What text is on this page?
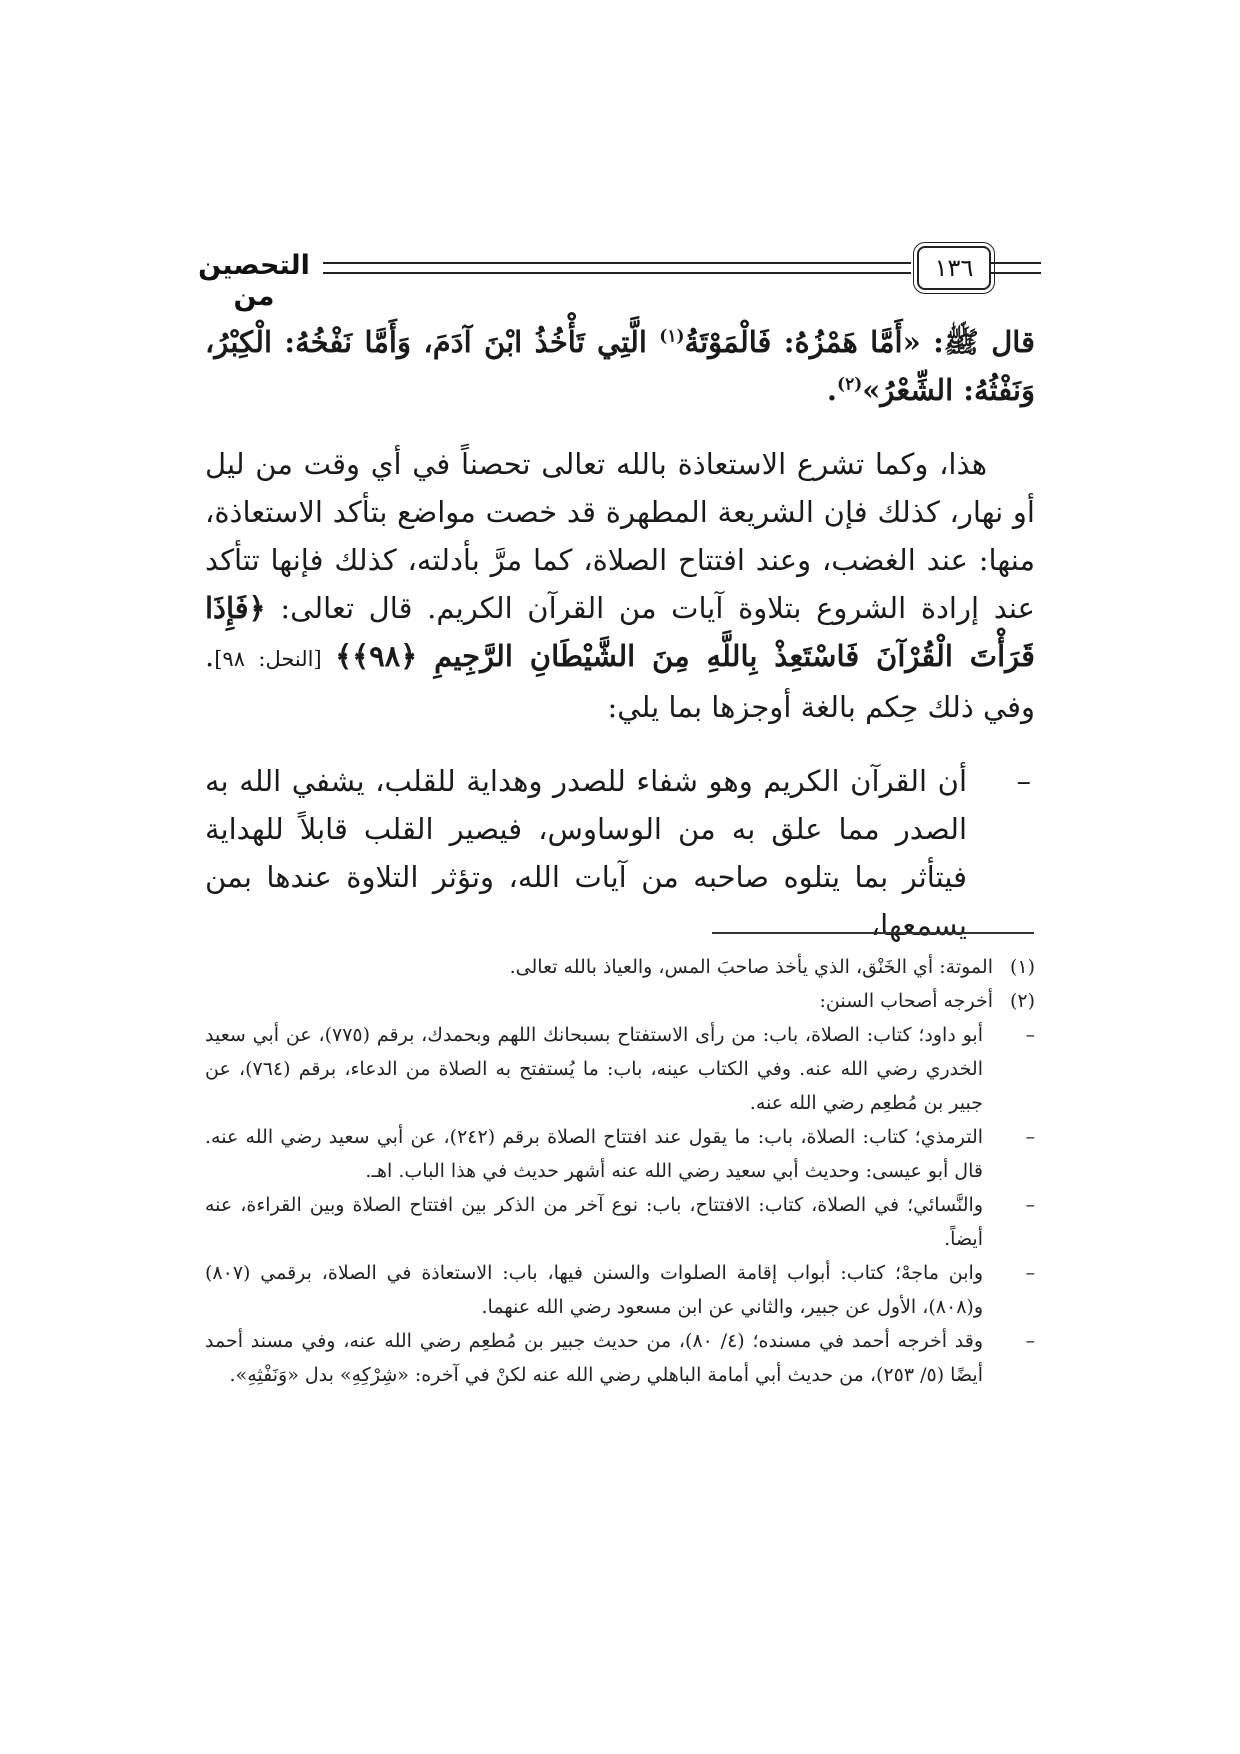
التحصين من
١٣٦

قال ﷺ: «أَمَّا هَمْزُهُ: فَالْمَوْتَةُ$^{(١)}$ الَّتِي تَأْخُذُ ابْنَ آدَمَ، وَأَمَّا نَفْخُهُ: الْكِبْرُ، وَنَفْثُهُ: الشِّعْرُ»$^{(٢)}$.

هذا، وكما تشرع الاستعاذة بالله تعالى تحصناً في أي وقت من ليل أو نهار، كذلك فإن الشريعة المطهرة قد خصت مواضع بتأكد الاستعاذة، منها: عند الغضب، وعند افتتاح الصلاة، كما مرَّ بأدلته، كذلك فإنها تتأكد عند إرادة الشروع بتلاوة آيات من القرآن الكريم. قال تعالى: ﴿فَإِذَا قَرَأْتَ الْقُرْآنَ فَاسْتَعِذْ بِاللَّهِ مِنَ الشَّيْطَانِ الرَّجِيمِ ﴿٩٨﴾﴾ [النحل: ٩٨]. وفي ذلك حِكم بالغة أوجزها بما يلي:

–
أن القرآن الكريم وهو شفاء للصدر وهداية للقلب، يشفي الله به الصدر مما علق به من الوساوس، فيصير القلب قابلاً للهداية فيتأثر بما يتلوه صاحبه من آيات الله، وتؤثر التلاوة عندها بمن يسمعها،

(١)الموتة: أي الخَنْق، الذي يأخذ صاحبَ المس، والعياذ بالله تعالى.

(٢)أخرجه أصحاب السنن:

–
أبو داود؛ كتاب: الصلاة، باب: من رأى الاستفتاح بسبحانك اللهم وبحمدك، برقم (٧٧٥)، عن أبي سعيد الخدري رضي الله عنه. وفي الكتاب عينه، باب: ما يُستفتح به الصلاة من الدعاء، برقم (٧٦٤)، عن جبير بن مُطعِم رضي الله عنه.
–
الترمذي؛ كتاب: الصلاة، باب: ما يقول عند افتتاح الصلاة برقم (٢٤٢)، عن أبي سعيد رضي الله عنه. قال أبو عيسى: وحديث أبي سعيد رضي الله عنه أشهر حديث في هذا الباب. اهـ.
–
والنَّسائي؛ في الصلاة، كتاب: الافتتاح، باب: نوع آخر من الذكر بين افتتاح الصلاة وبين القراءة، عنه أيضاً.
–
وابن ماجهْ؛ كتاب: أبواب إقامة الصلوات والسنن فيها، باب: الاستعاذة في الصلاة، برقمي (٨٠٧) و(٨٠٨)، الأول عن جبير، والثاني عن ابن مسعود رضي الله عنهما.
–
وقد أخرجه أحمد في مسنده؛ (٤/ ٨٠)، من حديث جبير بن مُطعِم رضي الله عنه، وفي مسند أحمد أيضًا (٥/ ٢٥٣)، من حديث أبي أمامة الباهلي رضي الله عنه لكنْ في آخره: «شِرْكِهِ» بدل «وَنَفْثِهِ».
